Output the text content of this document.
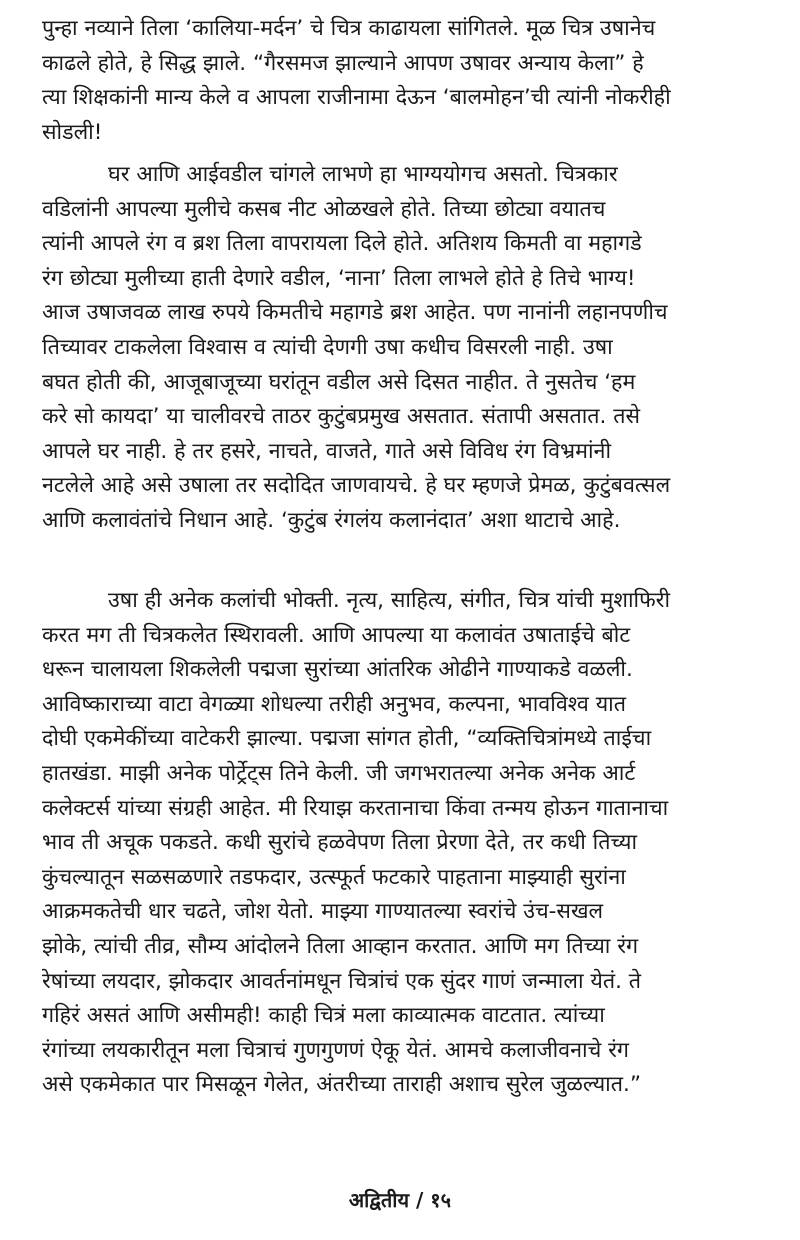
पुन्हा नव्याने तिला ‘कालिया-मर्दन’ चे चित्र काढायला सांगितले. मूळ चित्र उषानेच
काढले होते, हे सिद्ध झाले. “गैरसमज झाल्याने आपण उषावर अन्याय केला” हे
त्या शिक्षकांनी मान्य केले व आपला राजीनामा देऊन ‘बालमोहन’ची त्यांनी नोकरीही
सोडली!
घर आणि आईवडील चांगले लाभणे हा भाग्ययोगच असतो. चित्रकार
वडिलांनी आपल्या मुलीचे कसब नीट ओळखले होते. तिच्या छोट्या वयातच
त्यांनी आपले रंग व ब्रश तिला वापरायला दिले होते. अतिशय किमती वा महागडे
रंग छोट्या मुलीच्या हाती देणारे वडील, ‘नाना’ तिला लाभले होते हे तिचे भाग्य!
आज उषाजवळ लाख रुपये किमतीचे महागडे ब्रश आहेत. पण नानांनी लहानपणीच
तिच्यावर टाकलेला विश्वास व त्यांची देणगी उषा कधीच विसरली नाही. उषा
बघत होती की, आजूबाजूच्या घरांतून वडील असे दिसत नाहीत. ते नुसतेच ‘हम
करे सो कायदा’ या चालीवरचे ताठर कुटुंबप्रमुख असतात. संतापी असतात. तसे
आपले घर नाही. हे तर हसरे, नाचते, वाजते, गाते असे विविध रंग विभ्रमांनी
नटलेले आहे असे उषाला तर सदोदित जाणवायचे. हे घर म्हणजे प्रेमळ, कुटुंबवत्सल
आणि कलावंतांचे निधान आहे. ‘कुटुंब रंगलंय कलानंदात’ अशा थाटाचे आहे.
उषा ही अनेक कलांची भोक्ती. नृत्य, साहित्य, संगीत, चित्र यांची मुशाफिरी
करत मग ती चित्रकलेत स्थिरावली. आणि आपल्या या कलावंत उषाताईचे बोट
धरून चालायला शिकलेली पद्मजा सुरांच्या आंतरिक ओढीने गाण्याकडे वळली.
आविष्काराच्या वाटा वेगळ्या शोधल्या तरीही अनुभव, कल्पना, भावविश्व यात
दोघी एकमेकींच्या वाटेकरी झाल्या. पद्मजा सांगत होती, “व्यक्तिचित्रांमध्ये ताईचा
हातखंडा. माझी अनेक पोर्ट्रेट्स तिने केली. जी जगभरातल्या अनेक अनेक आर्ट
कलेक्टर्स यांच्या संग्रही आहेत. मी रियाझ करतानाचा किंवा तन्मय होऊन गातानाचा
भाव ती अचूक पकडते. कधी सुरांचे हळवेपण तिला प्रेरणा देते, तर कधी तिच्या
कुंचल्यातून सळसळणारे तडफदार, उत्स्फूर्त फटकारे पाहताना माझ्याही सुरांना
आक्रमकतेची धार चढते, जोश येतो. माझ्या गाण्यातल्या स्वरांचे उंच-सखल
झोके, त्यांची तीव्र, सौम्य आंदोलने तिला आव्हान करतात. आणि मग तिच्या रंग
रेषांच्या लयदार, झोकदार आवर्तनांमधून चित्रांचं एक सुंदर गाणं जन्माला येतं. ते
गहिरं असतं आणि असीमही! काही चित्रं मला काव्यात्मक वाटतात. त्यांच्या
रंगांच्या लयकारीतून मला चित्राचं गुणगुणणं ऐकू येतं. आमचे कलाजीवनाचे रंग
असे एकमेकात पार मिसळून गेलेत, अंतरीच्या ताराही अशाच सुरेल जुळल्यात.”
अद्वितीय / १५
